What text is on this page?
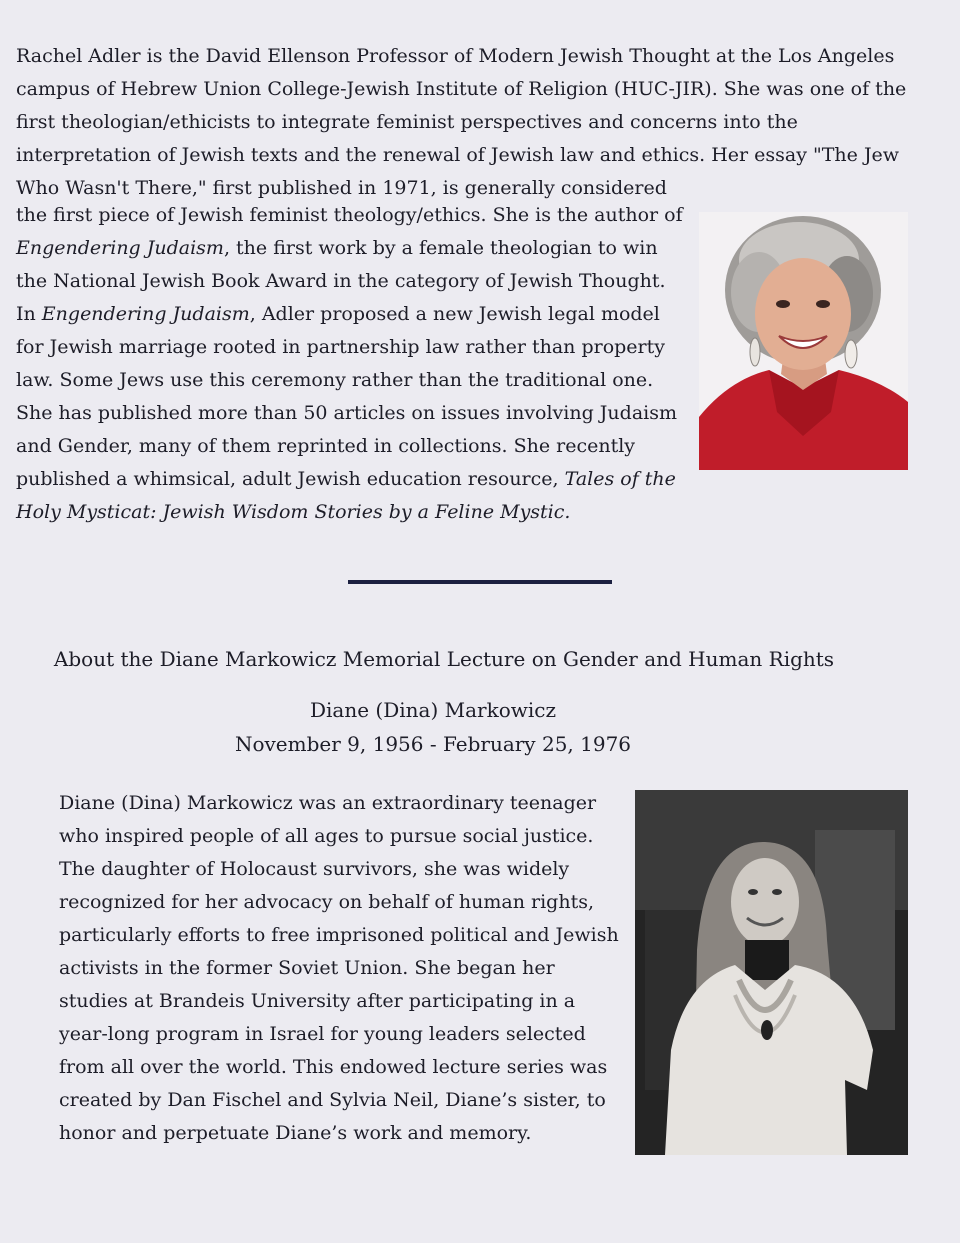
Rachel Adler is the David Ellenson Professor of Modern Jewish Thought at the Los Angeles campus of Hebrew Union College-Jewish Institute of Religion (HUC-JIR). She was one of the first theologian/ethicists to integrate feminist perspectives and concerns into the interpretation of Jewish texts and the renewal of Jewish law and ethics. Her essay "The Jew

Who Wasn't There," first published in 1971, is generally considered

the first piece of Jewish feminist theology/ethics. She is the author of Engendering Judaism, the first work by a female theologian to win the National Jewish Book Award in the category of Jewish Thought. In Engendering Judaism, Adler proposed a new Jewish legal model for Jewish marriage rooted in partnership law rather than property law. Some Jews use this ceremony rather than the traditional one. She has published more than 50 articles on issues involving Judaism and Gender, many of them reprinted in collections. She recently published a whimsical, adult Jewish education resource, Tales of the Holy Mysticat: Jewish Wisdom Stories by a Feline Mystic.

About the Diane Markowicz Memorial Lecture on Gender and Human Rights
Diane (Dina) Markowicz
November 9, 1956 - February 25, 1976

Diane (Dina) Markowicz was an extraordinary teenager who inspired people of all ages to pursue social justice. The daughter of Holocaust survivors, she was widely recognized for her advocacy on behalf of human rights, particularly efforts to free imprisoned political and Jewish activists in the former Soviet Union. She began her studies at Brandeis University after participating in a year-long program in Israel for young leaders selected from all over the world. This endowed lecture series was created by Dan Fischel and Sylvia Neil, Diane’s sister, to honor and perpetuate Diane’s work and memory.
